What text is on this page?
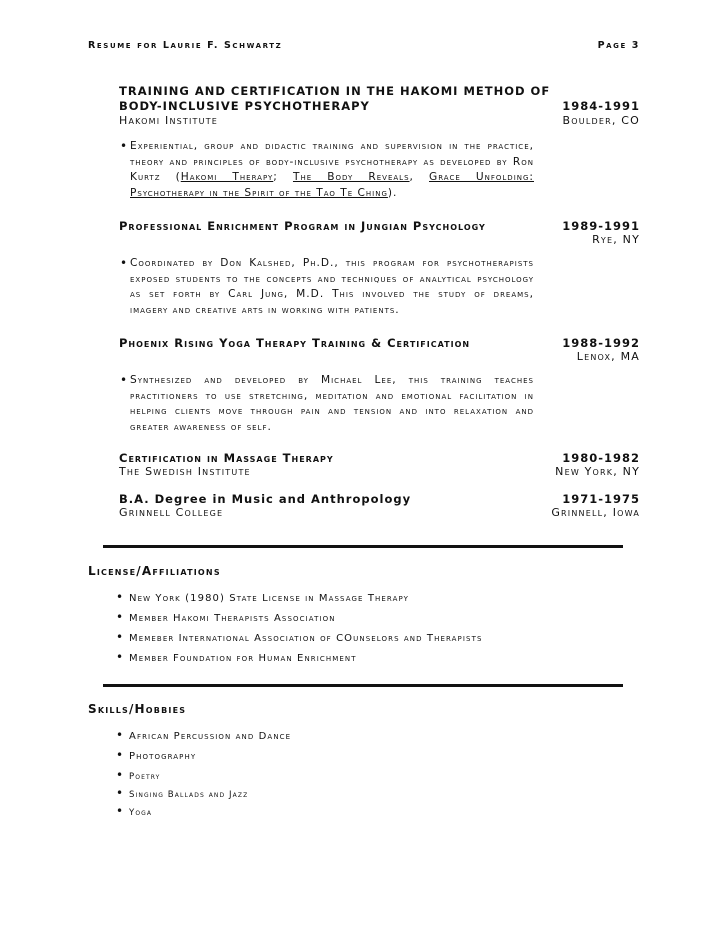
Resume for Laurie F. Schwartz	Page 3
TRAINING AND CERTIFICATION IN THE HAKOMI METHOD OF
BODY-INCLUSIVE PSYCHOTHERAPY	1984-1991
Hakomi Institute	Boulder, CO
• Experiential, group and didactic training and supervision in the practice, theory and principles of body-inclusive psychotherapy as developed by Ron Kurtz (Hakomi Therapy; The Body Reveals, Grace Unfolding: Psychotherapy in the Spirit of the Tao Te Ching).
Professional Enrichment Program in Jungian Psychology	1989-1991
Rye, NY
• Coordinated by Don Kalshed, Ph.D., this program for psychotherapists exposed students to the concepts and techniques of analytical psychology as set forth by Carl Jung, M.D. This involved the study of dreams, imagery and creative arts in working with patients.
Phoenix Rising Yoga Therapy Training & Certification	1988-1992
Lenox, MA
• Synthesized and developed by Michael Lee, this training teaches practitioners to use stretching, meditation and emotional facilitation in helping clients move through pain and tension and into relaxation and greater awareness of self.
Certification in Massage Therapy	1980-1982
The Swedish Institute	New York, NY
B.A. Degree in Music and Anthropology	1971-1975
Grinnell College	Grinnell, Iowa
License/Affiliations
• New York (1980) State License in Massage Therapy
• Member Hakomi Therapists Association
• Memeber International Association of COunselors and Therapists
• Member Foundation for Human Enrichment
Skills/Hobbies
• African Percussion and Dance
• Photography
• Poetry
• Singing Ballads and Jazz
• Yoga
